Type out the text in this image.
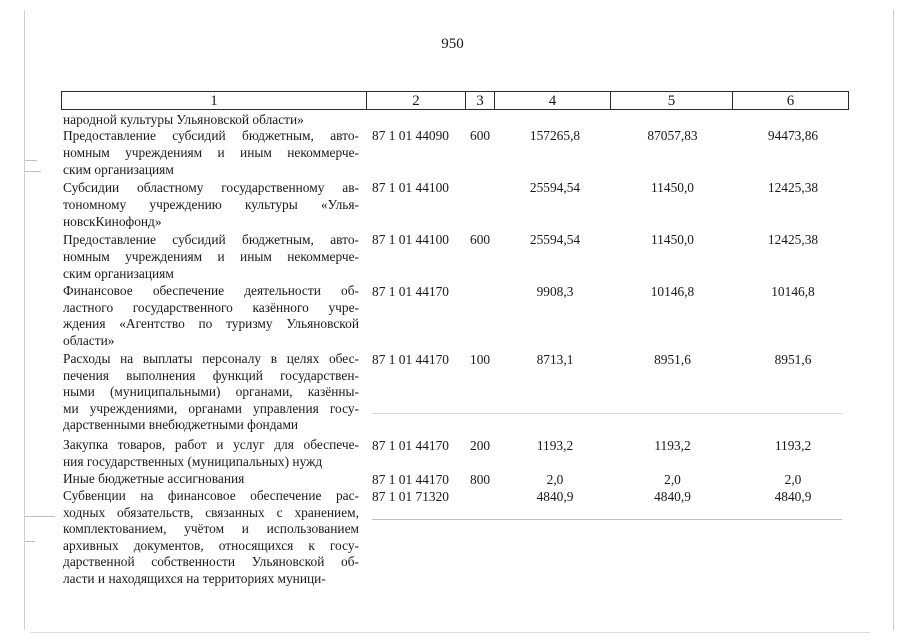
950
1	2	3	4	5	6
народной культуры Ульяновской области»
Предоставление субсидий бюджетным, авто-
номным учреждениям и иным некоммерче-
ским организациям
87 1 01 44090 600	157265,8	87057,83	94473,86
Субсидии областному государственному ав-
тономному учреждению культуры «Улья-
новскКинофонд»
87 1 01 44100	25594,54	11450,0	12425,38
Предоставление субсидий бюджетным, авто-
номным учреждениям и иным некоммерче-
ским организациям
87 1 01 44100 600	25594,54	11450,0	12425,38
Финансовое обеспечение деятельности об-
ластного государственного казённого учре-
ждения «Агентство по туризму Ульяновской
области»
87 1 01 44170	9908,3	10146,8	10146,8
Расходы на выплаты персоналу в целях обес-
печения выполнения функций государствен-
ными (муниципальными) органами, казённы-
ми учреждениями, органами управления госу-
дарственными внебюджетными фондами
87 1 01 44170 100	8713,1	8951,6	8951,6
Закупка товаров, работ и услуг для обеспече-
ния государственных (муниципальных) нужд
87 1 01 44170 200	1193,2	1193,2	1193,2
Иные бюджетные ассигнования	87 1 01 44170 800	2,0	2,0	2,0
Субвенции на финансовое обеспечение рас-
ходных обязательств, связанных с хранением,
комплектованием, учётом и использованием
архивных документов, относящихся к госу-
дарственной собственности Ульяновской об-
ласти и находящихся на территориях муници-
87 1 01 71320	4840,9	4840,9	4840,9
